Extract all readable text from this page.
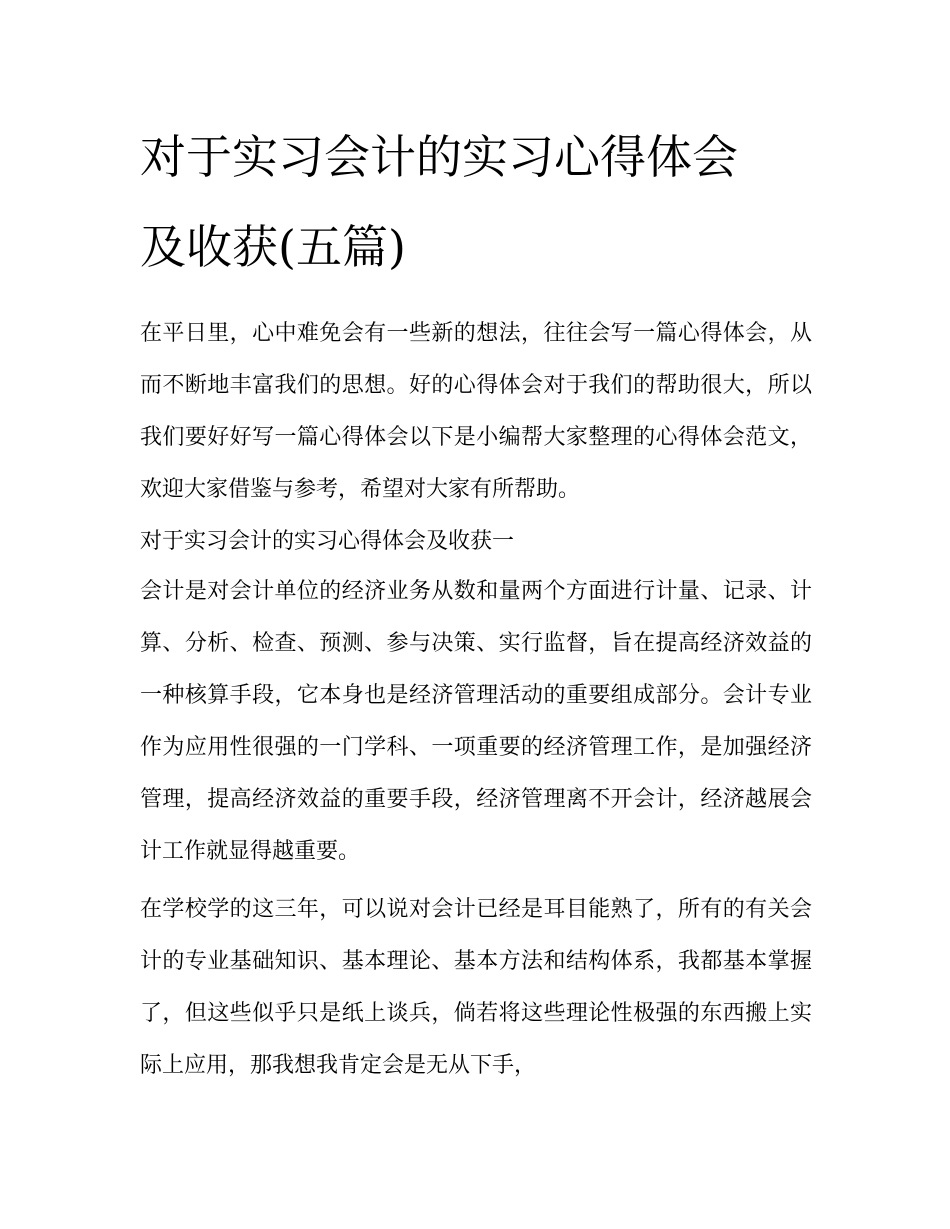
对于实习会计的实习心得体会
及收获(五篇)

在平日里，心中难免会有一些新的想法，往往会写一篇心得体会，从而不断地丰富我们的思想。好的心得体会对于我们的帮助很大，所以我们要好好写一篇心得体会以下是小编帮大家整理的心得体会范文，欢迎大家借鉴与参考，希望对大家有所帮助。

对于实习会计的实习心得体会及收获一

会计是对会计单位的经济业务从数和量两个方面进行计量、记录、计算、分析、检查、预测、参与决策、实行监督，旨在提高经济效益的一种核算手段，它本身也是经济管理活动的重要组成部分。会计专业作为应用性很强的一门学科、一项重要的经济管理工作，是加强经济管理，提高经济效益的重要手段，经济管理离不开会计，经济越展会计工作就显得越重要。

在学校学的这三年，可以说对会计已经是耳目能熟了，所有的有关会计的专业基础知识、基本理论、基本方法和结构体系，我都基本掌握了，但这些似乎只是纸上谈兵，倘若将这些理论性极强的东西搬上实际上应用，那我想我肯定会是无从下手，
